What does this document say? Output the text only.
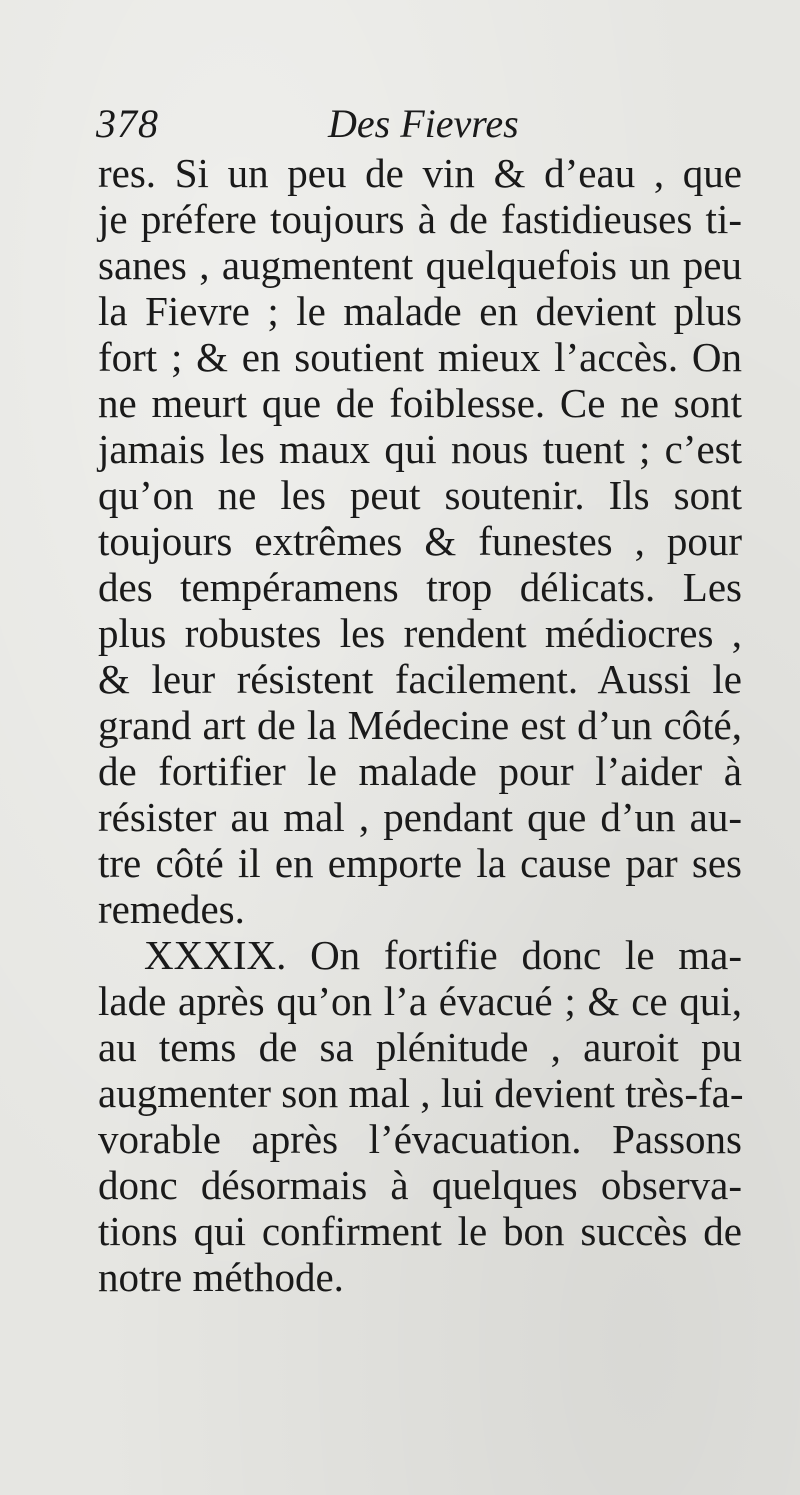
378	Des Fievres
res. Si un peu de vin & d’eau , que
je préfere toujours à de fastidieuses ti-
sanes , augmentent quelquefois un peu
la Fievre ; le malade en devient plus
fort ; & en soutient mieux l’accès. On
ne meurt que de foiblesse. Ce ne sont
jamais les maux qui nous tuent ; c’est
qu’on ne les peut soutenir. Ils sont
toujours extrêmes & funestes , pour
des tempéramens trop délicats. Les
plus robustes les rendent médiocres ,
& leur résistent facilement. Aussi le
grand art de la Médecine est d’un côté,
de fortifier le malade pour l’aider à
résister au mal , pendant que d’un au-
tre côté il en emporte la cause par ses
remedes.
XXXIX. On fortifie donc le ma-
lade après qu’on l’a évacué ; & ce qui,
au tems de sa plénitude , auroit pu
augmenter son mal , lui devient très-fa-
vorable après l’évacuation. Passons
donc désormais à quelques observa-
tions qui confirment le bon succès de
notre méthode.
